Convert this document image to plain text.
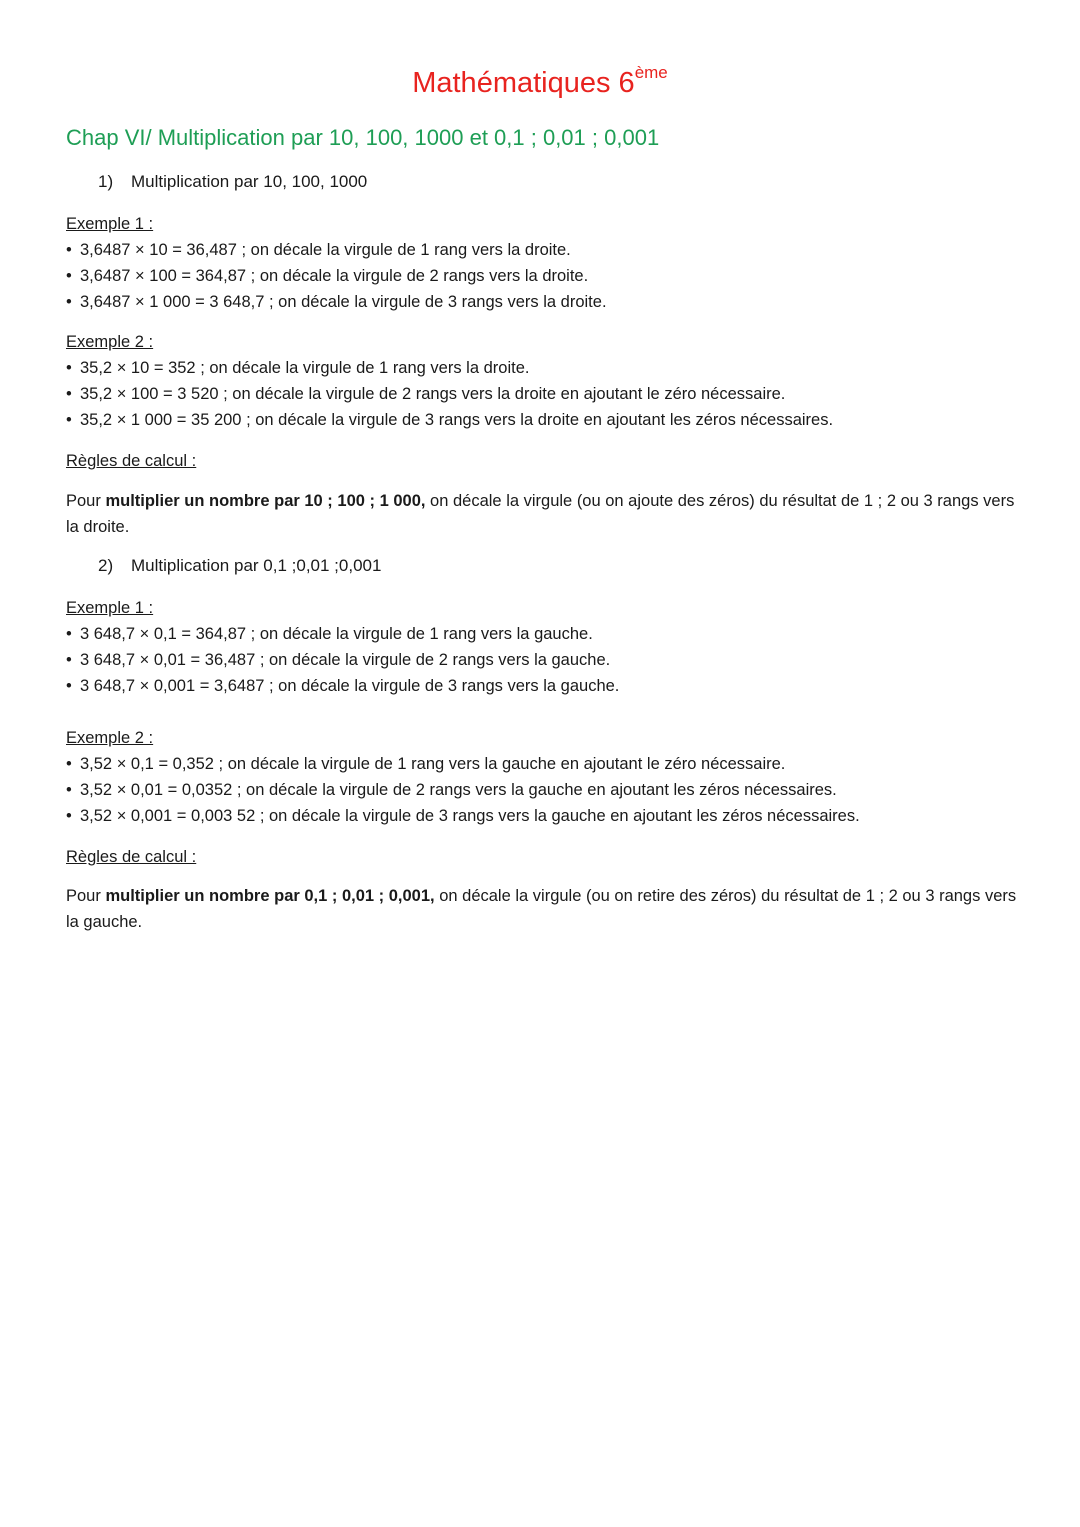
Mathématiques 6ème
Chap VI/ Multiplication par 10, 100, 1000 et 0,1 ; 0,01 ; 0,001
1) Multiplication par 10, 100, 1000
Exemple 1 :
• 3,6487 × 10 = 36,487 ; on décale la virgule de 1 rang vers la droite.
• 3,6487 × 100 = 364,87 ; on décale la virgule de 2 rangs vers la droite.
• 3,6487 × 1 000 = 3 648,7 ; on décale la virgule de 3 rangs vers la droite.
Exemple 2 :
• 35,2 × 10 = 352 ; on décale la virgule de 1 rang vers la droite.
• 35,2 × 100 = 3 520 ; on décale la virgule de 2 rangs vers la droite en ajoutant le zéro nécessaire.
• 35,2 × 1 000 = 35 200 ; on décale la virgule de 3 rangs vers la droite en ajoutant les zéros nécessaires.
Règles de calcul :
Pour multiplier un nombre par 10 ; 100 ; 1 000, on décale la virgule (ou on ajoute des zéros) du résultat de 1 ; 2 ou 3 rangs vers la droite.
2) Multiplication par 0,1 ;0,01 ;0,001
Exemple 1 :
• 3 648,7 × 0,1 = 364,87 ; on décale la virgule de 1 rang vers la gauche.
• 3 648,7 × 0,01 = 36,487 ; on décale la virgule de 2 rangs vers la gauche.
• 3 648,7 × 0,001 = 3,6487 ; on décale la virgule de 3 rangs vers la gauche.
Exemple 2 :
• 3,52 × 0,1 = 0,352 ; on décale la virgule de 1 rang vers la gauche en ajoutant le zéro nécessaire.
• 3,52 × 0,01 = 0,0352 ; on décale la virgule de 2 rangs vers la gauche en ajoutant les zéros nécessaires.
• 3,52 × 0,001 = 0,003 52 ; on décale la virgule de 3 rangs vers la gauche en ajoutant les zéros nécessaires.
Règles de calcul :
Pour multiplier un nombre par 0,1 ; 0,01 ; 0,001, on décale la virgule (ou on retire des zéros) du résultat de 1 ; 2 ou 3 rangs vers la gauche.
